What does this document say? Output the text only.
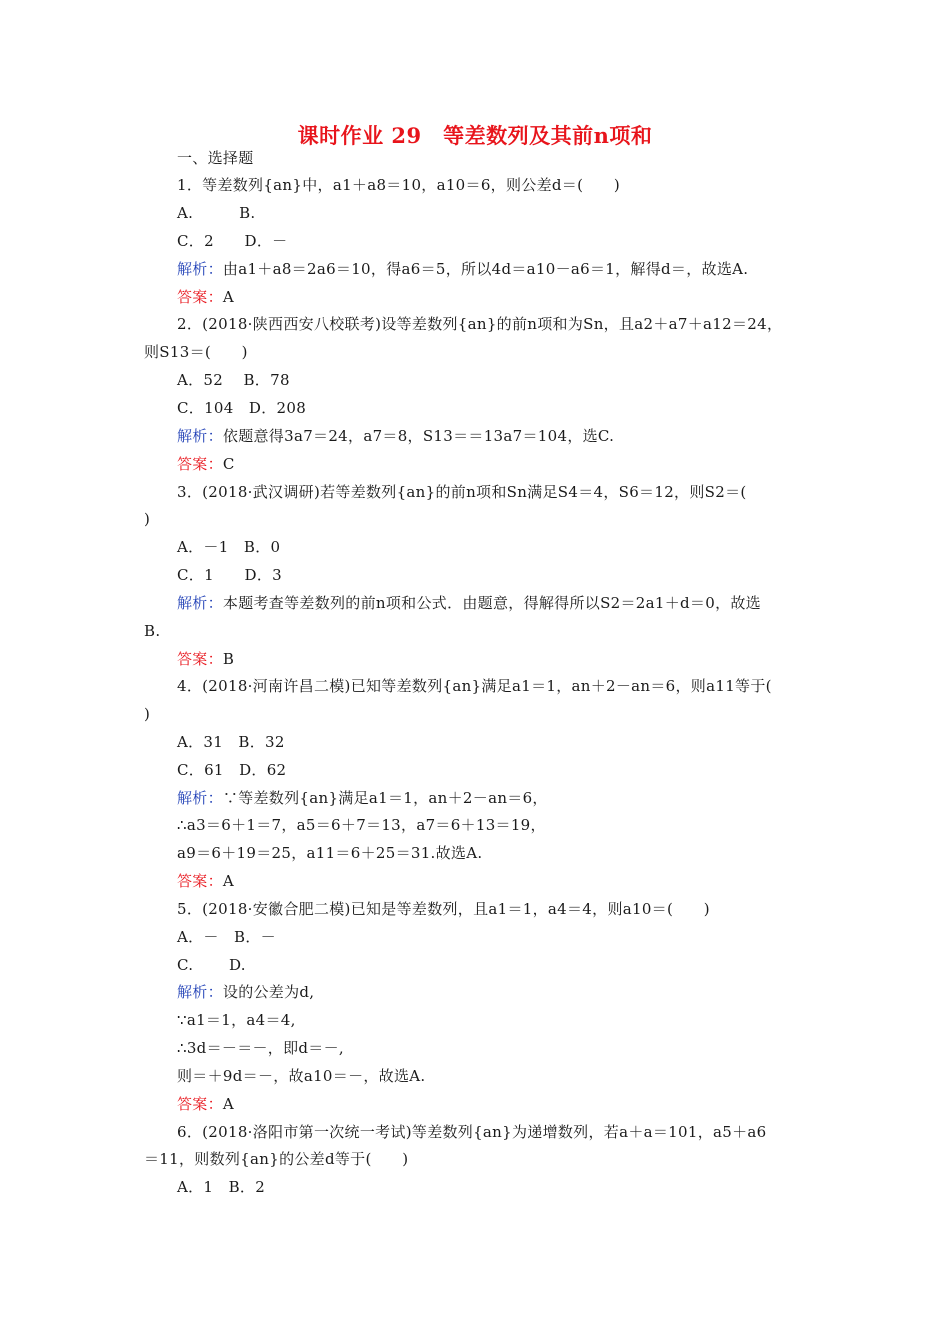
课时作业 29　等差数列及其前n项和
一、选择题
1．等差数列{an}中，a1＋a8＝10，a10＝6，则公差d＝(　　)
A.　　　B.
C．2　　D．－
解析：由a1＋a8＝2a6＝10，得a6＝5，所以4d＝a10－a6＝1，解得d＝，故选A.
答案：A
2．(2018·陕西西安八校联考)设等差数列{an}的前n项和为Sn，且a2＋a7＋a12＝24，
则S13＝(　　)
A．52　 B．78
C．104　D．208
解析：依题意得3a7＝24，a7＝8，S13＝＝13a7＝104，选C.
答案：C
3．(2018·武汉调研)若等差数列{an}的前n项和Sn满足S4＝4，S6＝12，则S2＝(
)
A．－1　B．0
C．1　　D．3
解析：本题考查等差数列的前n项和公式．由题意，得解得所以S2＝2a1＋d＝0，故选
B.
答案：B
4．(2018·河南许昌二模)已知等差数列{an}满足a1＝1，an＋2－an＝6，则a11等于(
)
A．31　B．32
C．61　D．62
解析：∵等差数列{an}满足a1＝1，an＋2－an＝6，
∴a3＝6＋1＝7，a5＝6＋7＝13，a7＝6＋13＝19，
a9＝6＋19＝25，a11＝6＋25＝31.故选A.
答案：A
5．(2018·安徽合肥二模)已知是等差数列，且a1＝1，a4＝4，则a10＝(　　)
A．－　B．－
C.　　 D.
解析：设的公差为d,
∵a1＝1，a4＝4,
∴3d＝－＝－，即d＝－,
则＝＋9d＝－，故a10＝－，故选A.
答案：A
6．(2018·洛阳市第一次统一考试)等差数列{an}为递增数列，若a＋a＝101，a5＋a6
＝11，则数列{an}的公差d等于(　　)
A．1　B．2
